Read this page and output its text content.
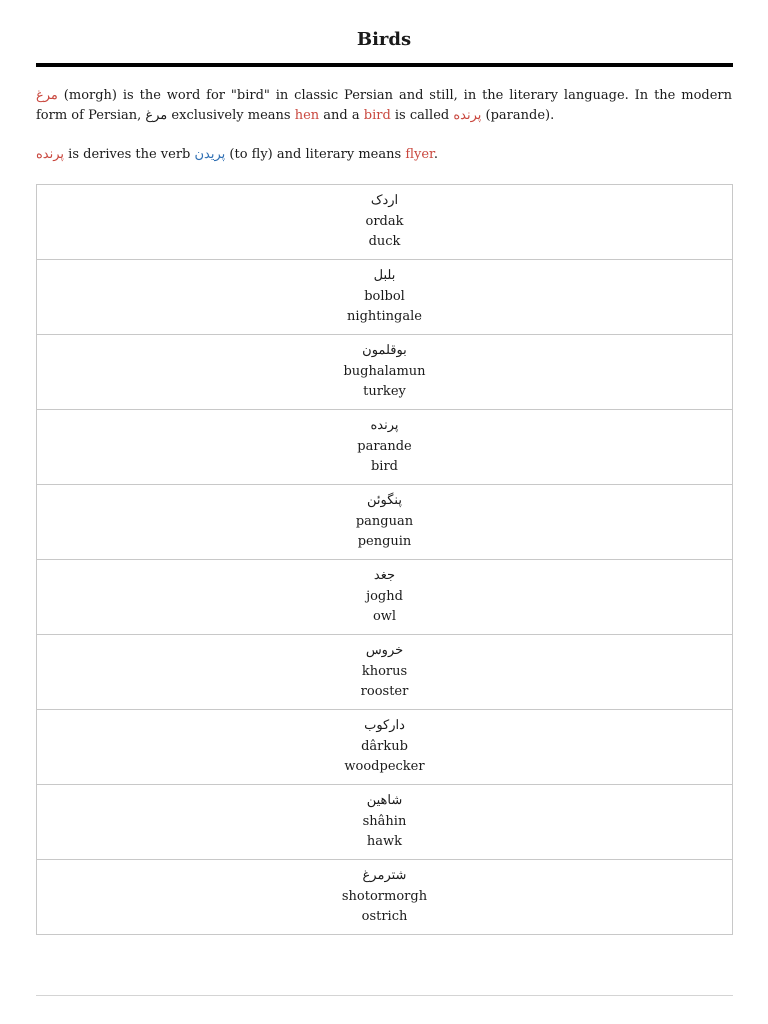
Birds

مرغ (morgh) is the word for "bird" in classic Persian and still, in the literary language. In the modern form of Persian, مرغ exclusively means hen and a bird is called پرنده (parande).

پرنده is derives the verb پریدن (to fly) and literary means flyer.

اردک
ordak
duck

بلبل
bolbol
nightingale

بوقلمون
bughalamun
turkey

پرنده
parande
bird

پنگوئن
panguan
penguin

جغد
joghd
owl

خروس
khorus
rooster

دارکوب
dârkub
woodpecker

شاهین
shâhin
hawk

شترمرغ
shotormorgh
ostrich
